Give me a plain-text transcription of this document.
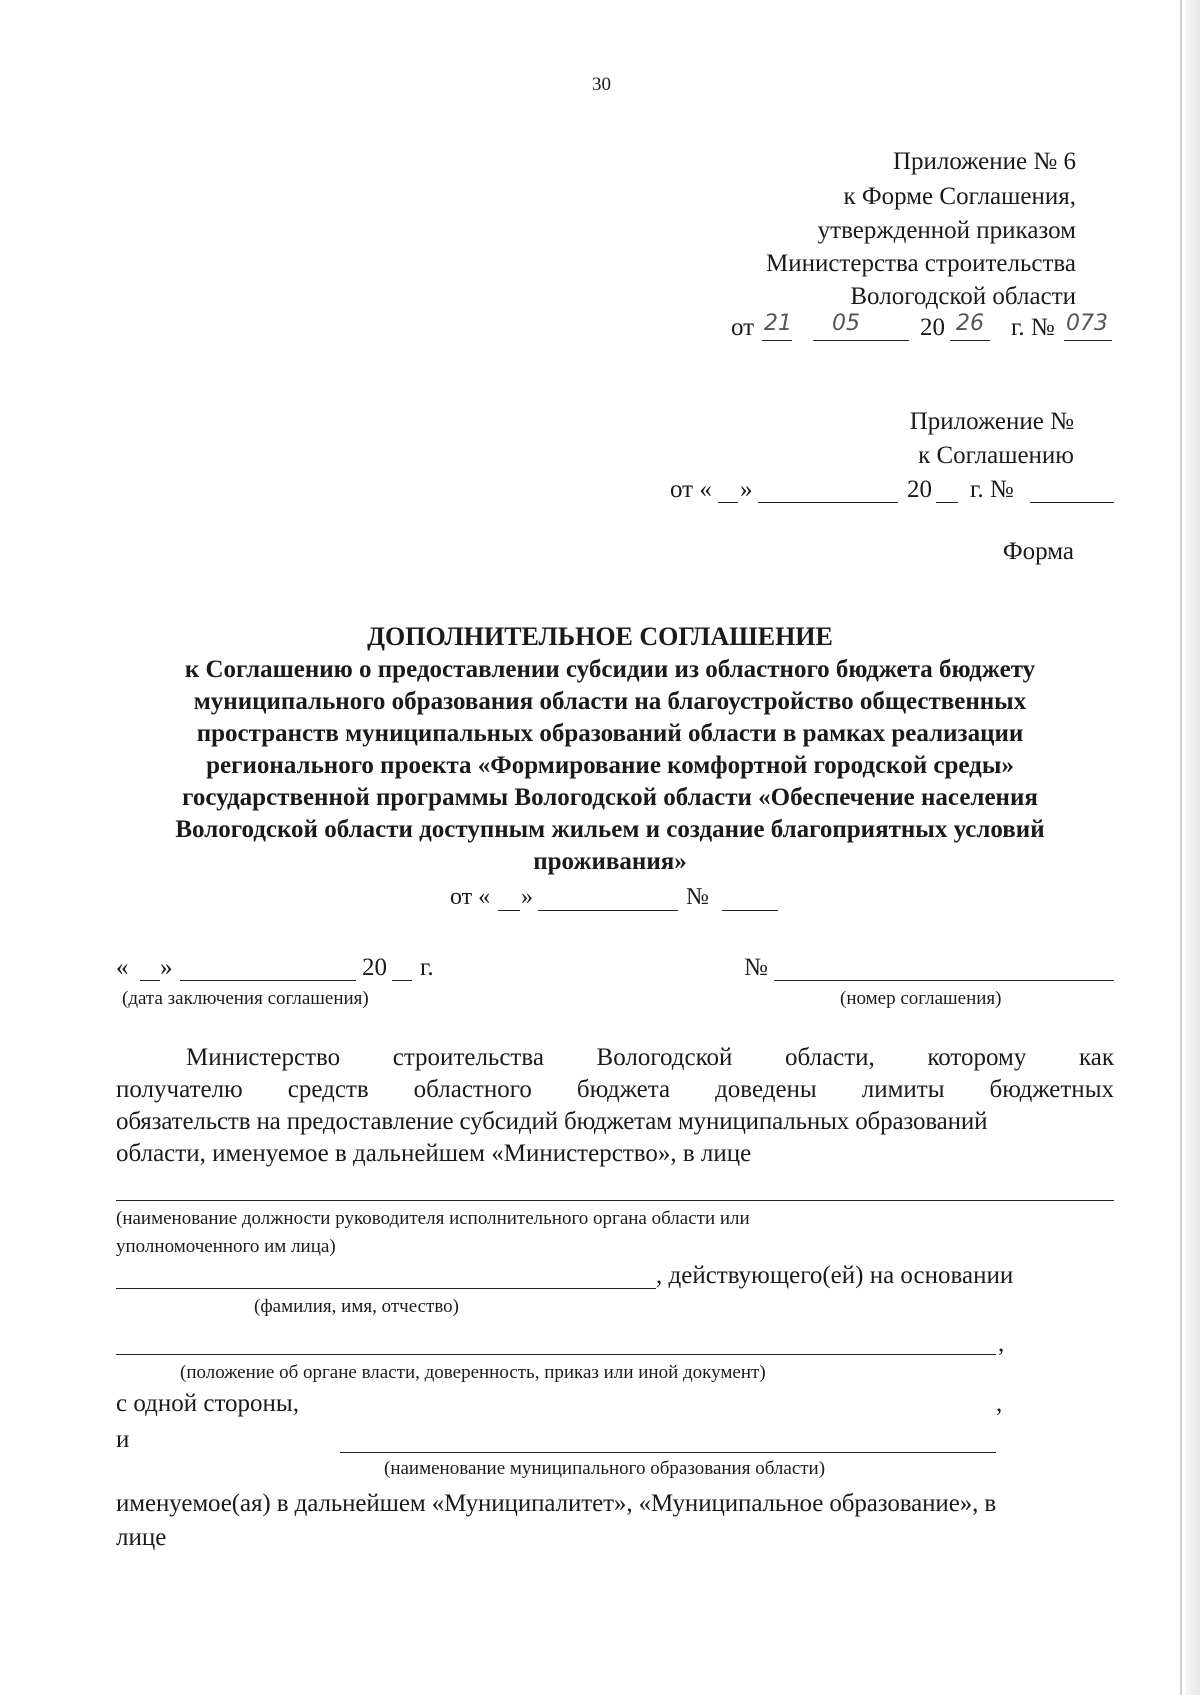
30
Приложение № 6
к Форме Соглашения,
утвержденной приказом
Министерства строительства
Вологодской области
от 21 05 20 26 г. № 073
Приложение №
к Соглашению
от « »	20 г. №
Форма
ДОПОЛНИТЕЛЬНОЕ СОГЛАШЕНИЕ
к Соглашению о предоставлении субсидии из областного бюджета бюджету
муниципального образования области на благоустройство общественных
пространств муниципальных образований области в рамках реализации
регионального проекта «Формирование комфортной городской среды»
государственной программы Вологодской области «Обеспечение населения
Вологодской области доступным жильем и создание благоприятных условий
проживания»
от « »	№
« »	20 г.
(дата заключения соглашения)
№
(номер соглашения)
Министерство строительства Вологодской области, которому как
получателю средств областного бюджета доведены лимиты бюджетных
обязательств на предоставление субсидий бюджетам муниципальных образований
области, именуемое в дальнейшем «Министерство», в лице
(наименование должности руководителя исполнительного органа области или
уполномоченного им лица)
, действующего(ей) на основании
(фамилия, имя, отчество)
,
(положение об органе власти, доверенность, приказ или иной документ)
с одной стороны,	,
и
(наименование муниципального образования области)
именуемое(ая) в дальнейшем «Муниципалитет», «Муниципальное образование», в
лице
